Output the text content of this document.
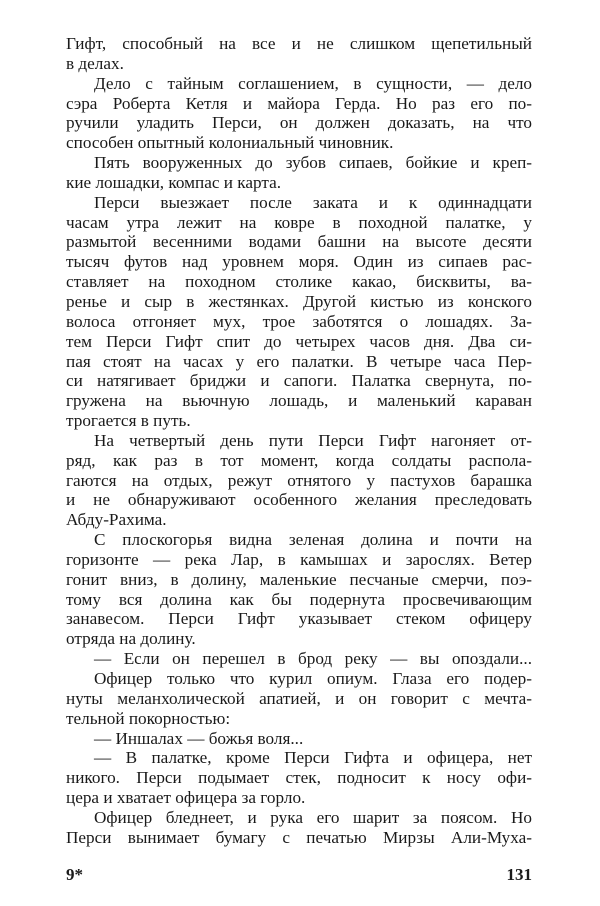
Гифт, способный на все и не слишком щепетильный
в делах.
Дело с тайным соглашением, в сущности, — дело
сэра Роберта Кетля и майора Герда. Но раз его по-
ручили уладить Перси, он должен доказать, на что
способен опытный колониальный чиновник.
Пять вооруженных до зубов сипаев, бойкие и креп-
кие лошадки, компас и карта.
Перси выезжает после заката и к одиннадцати
часам утра лежит на ковре в походной палатке, у
размытой весенними водами башни на высоте десяти
тысяч футов над уровнем моря. Один из сипаев рас-
ставляет на походном столике какао, бисквиты, ва-
ренье и сыр в жестянках. Другой кистью из конского
волоса отгоняет мух, трое заботятся о лошадях. За-
тем Перси Гифт спит до четырех часов дня. Два си-
пая стоят на часах у его палатки. В четыре часа Пер-
си натягивает бриджи и сапоги. Палатка свернута, по-
гружена на вьючную лошадь, и маленький караван
трогается в путь.
На четвертый день пути Перси Гифт нагоняет от-
ряд, как раз в тот момент, когда солдаты распола-
гаются на отдых, режут отнятого у пастухов барашка
и не обнаруживают особенного желания преследовать
Абду-Рахима.
С плоскогорья видна зеленая долина и почти на
горизонте — река Лар, в камышах и зарослях. Ветер
гонит вниз, в долину, маленькие песчаные смерчи, поэ-
тому вся долина как бы подернута просвечивающим
занавесом. Перси Гифт указывает стеком офицеру
отряда на долину.
— Если он перешел в брод реку — вы опоздали...
Офицер только что курил опиум. Глаза его подер-
нуты меланхолической апатией, и он говорит с мечта-
тельной покорностью:
— Иншалах — божья воля...
— В палатке, кроме Перси Гифта и офицера, нет
никого. Перси подымает стек, подносит к носу офи-
цера и хватает офицера за горло.
Офицер бледнеет, и рука его шарит за поясом. Но
Перси вынимает бумагу с печатью Мирзы Али-Муха-
9*	131
